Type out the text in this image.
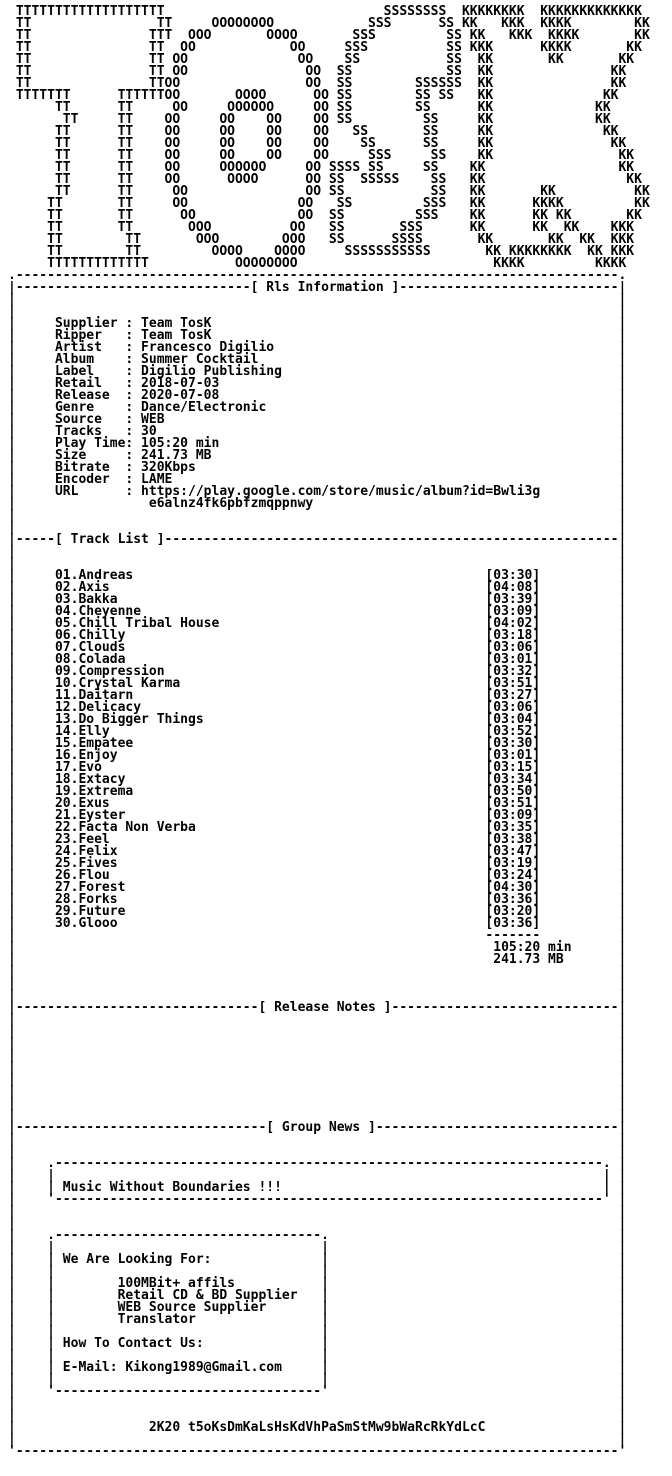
TTTTTTTTTTTTTTTTTTT                            SSSSSSSS  KKKKKKKK  KKKKKKKKKKKKK
TT                TT     OOOOOOOO            SSS      SS KK   KKK  KKKK        KK
TT               TTT  OOO       OOOO       SSS         SS KK   KKK  KKKK       KK
TT               TT  OO            OO     SSS          SS KKK      KKKK       KK
TT               TT OO              OO    SS           SS  KK       KK       KK
TT               TT OO               OO  SS            SS  KK               KK
TT               TTOO                OO  SS        SSSSSS  KK               KK
TTTTTTT      TTTTTTOO       OOOO      OO SS        SS SS   KK              KK
TT      TT     OO     OOOOOO     OO SS        SS      KK             KK
TT     TT    OO     OO    OO    OO SS         SS     KK             KK
TT      TT    OO     OO    OO    OO   SS       SS     KK              KK
TT      TT    OO     OO    OO    OO    SS      SS     KK               KK
TT      TT    OO     OO    OO    OO     SSS     SS    KK                KK
TT      TT    OO     OOOOOO     OO SSSS SS     SS    KK                 KK
TT      TT    OO      OOOO      OO SS  SSSSS    SS   KK                  KK
TT      TT     OO               OO SS           SS   KK       KK          KK
TT       TT     OO              OO   SS         SSS   KK      KKKK         KK
TT       TT      OO             OO  SS         SSS    KK      KK KK       KK
TT       TT       OOO          OO   SS       SSS      KK      KK  KK    KKK
TT        TT       OOO        OOO   SS      SSSS       KK       KK  KK  KKK
TT        TT         OOOO    OOOO     SSSSSSSSSSS       KK KKKKKKKK  KK KKK
TTTTTTTTTTTTT           OOOOOOOO                         KKKK         KKKK
.-----------------------------------------------------------------------------.
|------------------------------[ Rls Information ]----------------------------|
|                                                                             |
|                                                                             |
|     Supplier : Team TosK                                                    |
|     Ripper   : Team TosK                                                    |
|     Artist   : Francesco Digilio                                            |
|     Album    : Summer Cocktail                                              |
|     Label    : Digilio Publishing                                           |
|     Retail   : 2018-07-03                                                   |
|     Release  : 2020-07-08                                                   |
|     Genre    : Dance/Electronic                                             |
|     Source   : WEB                                                          |
|     Tracks   : 30                                                           |
|     Play Time: 105:20 min                                                   |
|     Size     : 241.73 MB                                                    |
|     Bitrate  : 320Kbps                                                      |
|     Encoder  : LAME                                                         |
|     URL      : https://play.google.com/store/music/album?id=Bwli3g          |
|                 e6alnz4fk6pbfzmqppnwy                                       |
|                                                                             |
|                                                                             |
|-----[ Track List ]----------------------------------------------------------|
|                                                                             |
|                                                                             |
|     01.Andreas                                             [03:30]          |
|     02.Axis                                                [04:08]          |
|     03.Bakka                                               [03:39]          |
|     04.Cheyenne                                            [03:09]          |
|     05.Chill Tribal House                                  [04:02]          |
|     06.Chilly                                              [03:18]          |
|     07.Clouds                                              [03:06]          |
|     08.Colada                                              [03:01]          |
|     09.Compression                                         [03:32]          |
|     10.Crystal Karma                                       [03:51]          |
|     11.Daitarn                                             [03:27]          |
|     12.Delicacy                                            [03:06]          |
|     13.Do Bigger Things                                    [03:04]          |
|     14.Elly                                                [03:52]          |
|     15.Empatee                                             [03:30]          |
|     16.Enjoy                                               [03:01]          |
|     17.Evo                                                 [03:15]          |
|     18.Extacy                                              [03:34]          |
|     19.Extrema                                             [03:50]          |
|     20.Exus                                                [03:51]          |
|     21.Eyster                                              [03:09]          |
|     22.Facta Non Verba                                     [03:35]          |
|     23.Feel                                                [03:38]          |
|     24.Felix                                               [03:47]          |
|     25.Fives                                               [03:19]          |
|     26.Flou                                                [03:24]          |
|     27.Forest                                              [04:30]          |
|     28.Forks                                               [03:36]          |
|     29.Future                                              [03:20]          |
|     30.Glooo                                               [03:36]          |
|                                                            -------          |
|                                                             105:20 min      |
|                                                             241.73 MB       |
|                                                                             |
|                                                                             |
|                                                                             |
|-------------------------------[ Release Notes ]-----------------------------|
|                                                                             |
|                                                                             |
|                                                                             |
|                                                                             |
|                                                                             |
|                                                                             |
|                                                                             |
|                                                                             |
|                                                                             |
|--------------------------------[ Group News ]-------------------------------|
|                                                                             |
|                                                                             |
|    .----------------------------------------------------------------------. |
|    |                                                                      | |
|    | Music Without Boundaries !!!                                         | |
|    '----------------------------------------------------------------------' |
|                                                                             |
|                                                                             |
|    .----------------------------------.                                     |
|    |                                  |                                     |
|    | We Are Looking For:              |                                     |
|    |                                  |                                     |
|    |        100MBit+ affils           |                                     |
|    |        Retail CD & BD Supplier   |                                     |
|    |        WEB Source Supplier       |                                     |
|    |        Translator                |                                     |
|    |                                  |                                     |
|    | How To Contact Us:               |                                     |
|    |                                  |                                     |
|    | E-Mail: Kikong1989@Gmail.com     |                                     |
|    |                                  |                                     |
|    '----------------------------------'                                     |
|                                                                             |
|                                                                             |
|                 2K20 t5oKsDmKaLsHsKdVhPaSmStMw9bWaRcRkYdLcC                 |
|                                                                             |
'-----------------------------------------------------------------------------'
